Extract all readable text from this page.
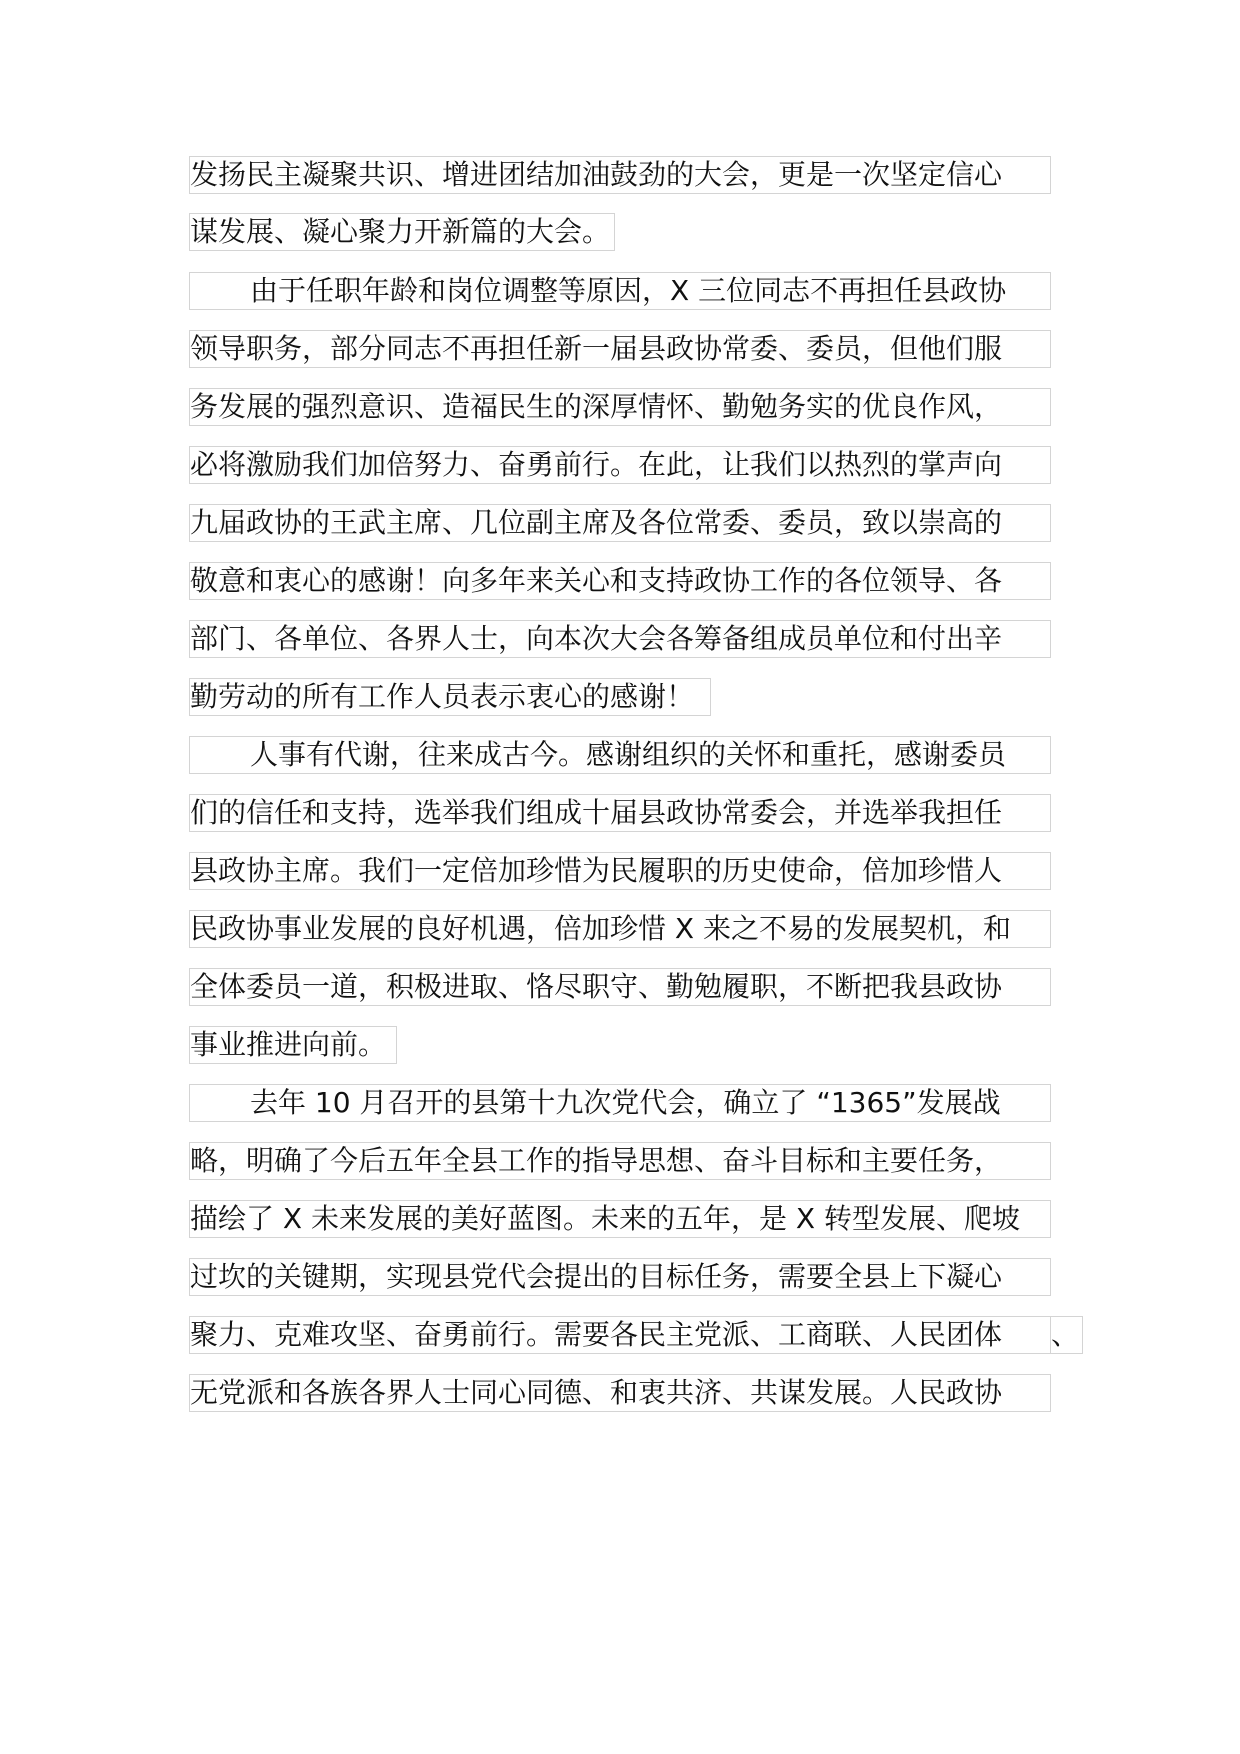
发扬民主凝聚共识、增进团结加油鼓劲的大会，更是一次坚定信心
谋发展、凝心聚力开新篇的大会。
由于任职年龄和岗位调整等原因，X 三位同志不再担任县政协
领导职务，部分同志不再担任新一届县政协常委、委员，但他们服
务发展的强烈意识、造福民生的深厚情怀、勤勉务实的优良作风，
必将激励我们加倍努力、奋勇前行。在此，让我们以热烈的掌声向
九届政协的王武主席、几位副主席及各位常委、委员，致以崇高的
敬意和衷心的感谢！向多年来关心和支持政协工作的各位领导、各
部门、各单位、各界人士，向本次大会各筹备组成员单位和付出辛
勤劳动的所有工作人员表示衷心的感谢！
人事有代谢，往来成古今。感谢组织的关怀和重托，感谢委员
们的信任和支持，选举我们组成十届县政协常委会，并选举我担任
县政协主席。我们一定倍加珍惜为民履职的历史使命，倍加珍惜人
民政协事业发展的良好机遇，倍加珍惜 X 来之不易的发展契机，和
全体委员一道，积极进取、恪尽职守、勤勉履职，不断把我县政协
事业推进向前。
去年 10 月召开的县第十九次党代会，确立了 “1365”发展战
略，明确了今后五年全县工作的指导思想、奋斗目标和主要任务，
描绘了 X 未来发展的美好蓝图。未来的五年，是 X 转型发展、爬坡
过坎的关键期，实现县党代会提出的目标任务，需要全县上下凝心
聚力、克难攻坚、奋勇前行。需要各民主党派、工商联、人民团体	、
无党派和各族各界人士同心同德、和衷共济、共谋发展。人民政协
